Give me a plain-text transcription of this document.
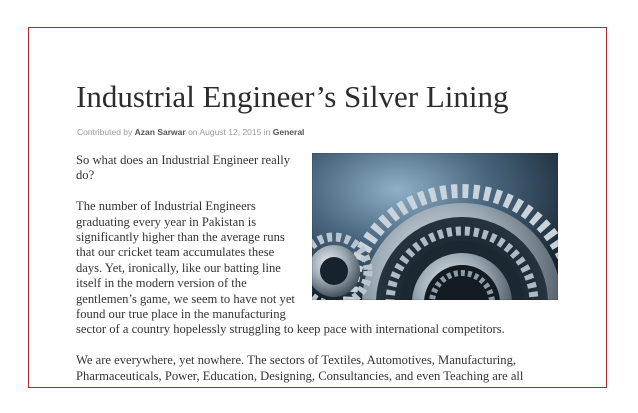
Industrial Engineer’s Silver Lining
Contributed by Azan Sarwar on August 12, 2015 in General

So what does an Industrial Engineer really
do?

The number of Industrial Engineers
graduating every year in Pakistan is
significantly higher than the average runs
that our cricket team accumulates these
days. Yet, ironically, like our batting line
itself in the modern version of the
gentlemen’s game, we seem to have not yet
found our true place in the manufacturing
sector of a country hopelessly struggling to keep pace with international competitors.

We are everywhere, yet nowhere. The sectors of Textiles, Automotives, Manufacturing,
Pharmaceuticals, Power, Education, Designing, Consultancies, and even Teaching are all
